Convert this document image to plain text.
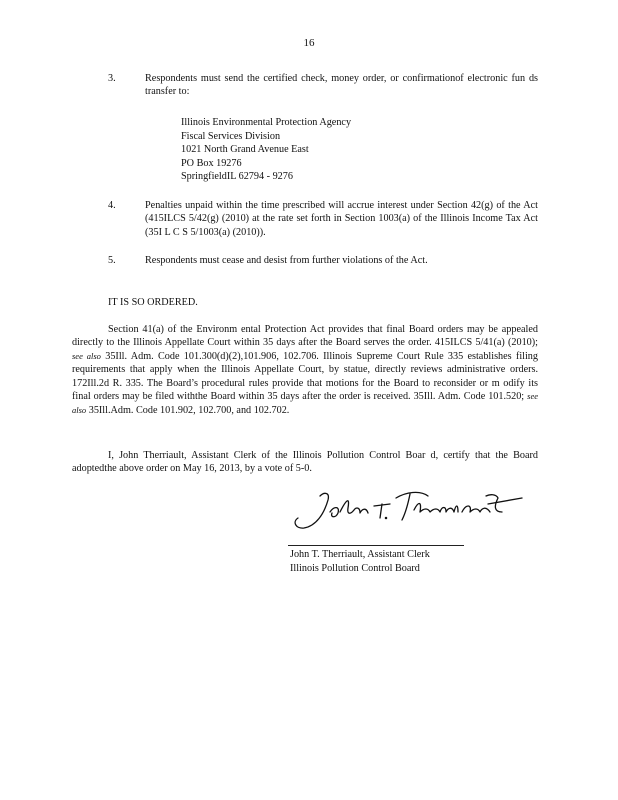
16
3.	Respondents must send the certified check, money order, or confirmationof electronic fun ds transfer to:
Illinois Environmental Protection Agency
Fiscal Services Division
1021 North Grand Avenue East
PO Box 19276
SpringfieldIL 62794 - 9276
4.	Penalties unpaid within the time prescribed will accrue interest under Section 42(g) of the Act (415ILCS 5/42(g) (2010) at the rate set forth in Section 1003(a) of the Illinois Income Tax Act (35I L C S 5/1003(a) (2010)).
5.	Respondents must cease and desist from further violations of the Act.
IT IS SO ORDERED.
Section 41(a) of the Environm ental Protection Act provides that final Board orders may be appealed directly to the Illinois Appellate Court within 35 days after the Board serves the order. 415ILCS 5/41(a) (2010); see also 35Ill. Adm. Code 101.300(d)(2),101.906, 102.706. Illinois Supreme Court Rule 335 establishes filing requirements that apply when the Illinois Appellate Court, by statue, directly reviews administrative orders. 172Ill.2d R. 335. The Board’s procedural rules provide that motions for the Board to reconsider or m odify its final orders may be filed withthe Board within 35 days after the order is received. 35Ill. Adm. Code 101.520; see also 35Ill.Adm. Code 101.902, 102.700, and 102.702.
I, John Therriault, Assistant Clerk of the Illinois Pollution Control Boar d, certify that the Board adoptedthe above order on May 16, 2013, by a vote of 5-0.
John T. Therriault, Assistant Clerk
Illinois Pollution Control Board
